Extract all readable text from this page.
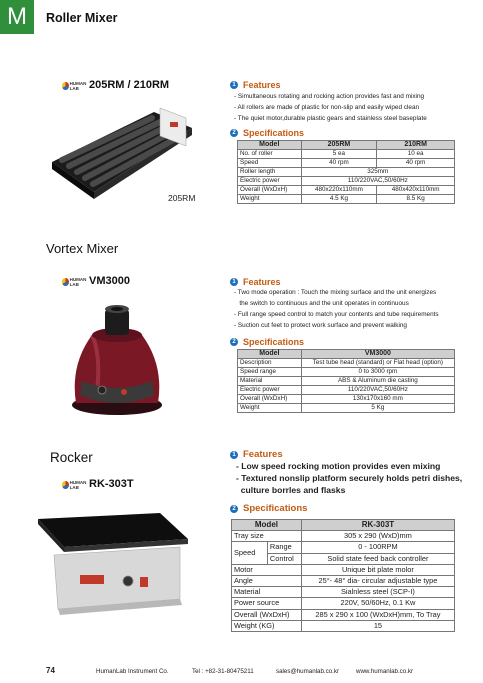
M	Roller Mixer
HUMAN LAB 205RM / 210RM
205RM
1 Features
- Simultaneous rotating and rocking action provides fast and mixing
- All rollers are made of plastic for non-slip and easily wiped clean
- The quiet motor,durable plastic gears and stainless steel baseplate
2 Specifications
Model	205RM	210RM
No. of roller	5 ea	10 ea
Speed	40 rpm	40 rpm
Roller length	325mm	
Electric power	110/220VAC,50/60Hz	
Overall (WxDxH)	480x220x110mm	480x420x110mm
Weight	4.5 Kg	8.5 Kg
Vortex Mixer
HUMAN LAB VM3000	1 Features
- Two mode operation : Touch the mixing surface and the unit energizes
the switch to continuous and the unit operates in continuous
- Full range speed control to match your contents and tube requirements
- Suction cut feet to protect work surface and prevent walking
2 Specifications
Model	VM3000
Description	Test tube head (standard) or Flat head (option)
Speed range	0 to 3000 rpm
Material	ABS & Aluminum die casting
Electric power	110/220VAC,50/60Hz
Overall (WxDxH)	130x170x160 mm
Weight	5 Kg
Rocker
HUMAN LAB RK-303T
1 Features
- Low speed rocking motion provides even mixing
- Textured nonslip platform securely holds petri dishes,
culture borrles and flasks
2 Specifications
Model		RK-303T
Tray size		305 x 290 (WxD)mm
Speed	Range	0 - 100RPM
	Control	Solid state feed back controller
Motor		Unique bit plate molor
Angle		25°- 48° dia- circular adjustable type
Material		Sialnless steel (SCP-I)
Power source		220V, 50/60Hz, 0.1 Kw
Overall (WxDxH)		285 x 290 x 100 (WxDxH)mm, To Tray
Weight (KG)		15
74	HumanLab Instrument Co.	Tel : +82-31-80475211	sales@humanlab.co.kr	www.humanlab.co.kr
